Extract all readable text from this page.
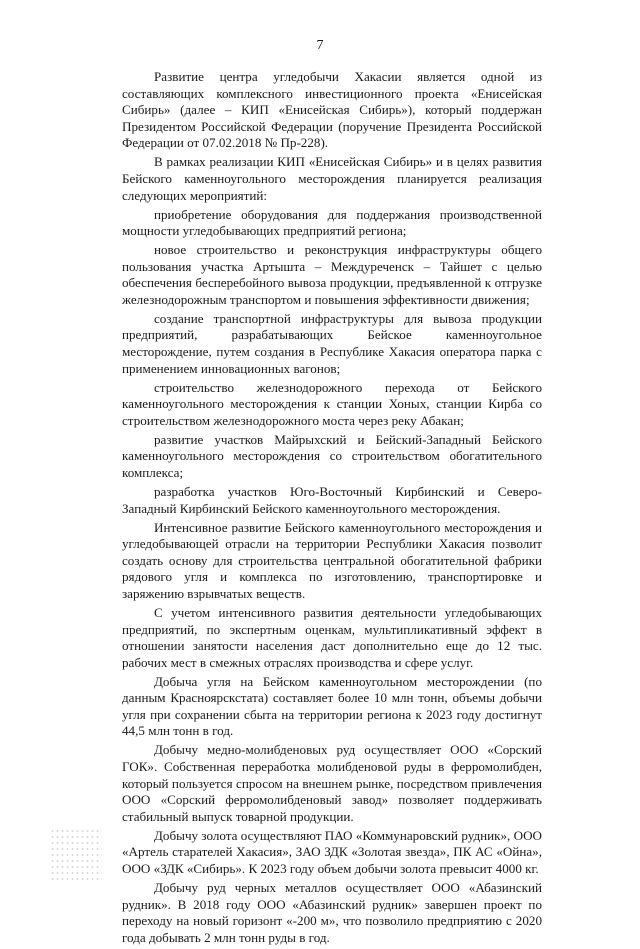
7

Развитие центра угледобычи Хакасии является одной из составляющих комплексного инвестиционного проекта «Енисейская Сибирь» (далее – КИП «Енисейская Сибирь»), который поддержан Президентом Российской Федерации (поручение Президента Российской Федерации от 07.02.2018 № Пр-228).

В рамках реализации КИП «Енисейская Сибирь» и в целях развития Бейского каменноугольного месторождения планируется реализация следующих мероприятий:

приобретение оборудования для поддержания производственной мощности угледобывающих предприятий региона;

новое строительство и реконструкция инфраструктуры общего пользования участка Артышта – Междуреченск – Тайшет с целью обеспечения бесперебойного вывоза продукции, предъявленной к отгрузке железнодорожным транспортом и повышения эффективности движения;

создание транспортной инфраструктуры для вывоза продукции предприятий, разрабатывающих Бейское каменноугольное месторождение, путем создания в Республике Хакасия оператора парка с применением инновационных вагонов;

строительство железнодорожного перехода от Бейского каменноугольного месторождения к станции Хоных, станции Кирба со строительством железнодорожного моста через реку Абакан;

развитие участков Майрыхский и Бейский-Западный Бейского каменноугольного месторождения со строительством обогатительного комплекса;

разработка участков Юго-Восточный Кирбинский и Северо-Западный Кирбинский Бейского каменноугольного месторождения.

Интенсивное развитие Бейского каменноугольного месторождения и угледобывающей отрасли на территории Республики Хакасия позволит создать основу для строительства центральной обогатительной фабрики рядового угля и комплекса по изготовлению, транспортировке и заряжению взрывчатых веществ.

С учетом интенсивного развития деятельности угледобывающих предприятий, по экспертным оценкам, мультипликативный эффект в отношении занятости населения даст дополнительно еще до 12 тыс. рабочих мест в смежных отраслях производства и сфере услуг.

Добыча угля на Бейском каменноугольном месторождении (по данным Красноярскстата) составляет более 10 млн тонн, объемы добычи угля при сохранении сбыта на территории региона к 2023 году достигнут 44,5 млн тонн в год.

Добычу медно-молибденовых руд осуществляет ООО «Сорский ГОК». Собственная переработка молибденовой руды в ферромолибден, который пользуется спросом на внешнем рынке, посредством привлечения ООО «Сорский ферромолибденовый завод» позволяет поддерживать стабильный выпуск товарной продукции.

Добычу золота осуществляют ПАО «Коммунаровский рудник», ООО «Артель старателей Хакасия», ЗАО ЗДК «Золотая звезда», ПК АС «Ойна», ООО «ЗДК «Сибирь». К 2023 году объем добычи золота превысит 4000 кг.

Добычу руд черных металлов осуществляет ООО «Абазинский рудник». В 2018 году ООО «Абазинский рудник» завершен проект по переходу на новый горизонт «-200 м», что позволило предприятию с 2020 года добывать 2 млн тонн руды в год.
